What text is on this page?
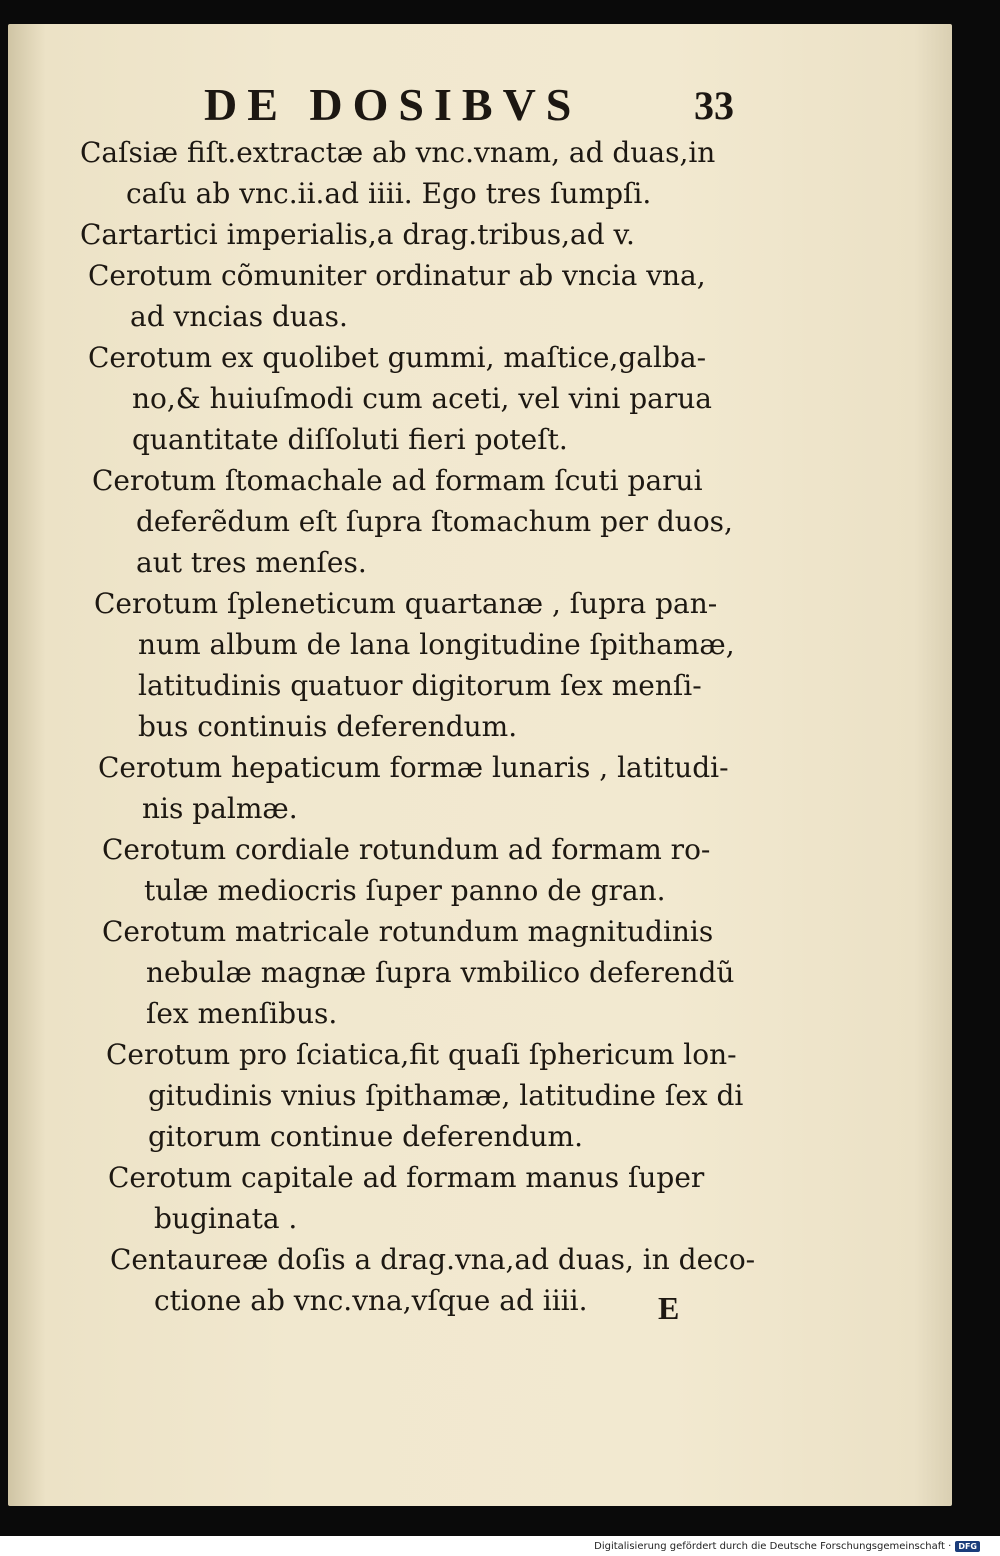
DE DOSIBVS	33
Caſsiæ fiſt.extractæ ab vnc.vnam, ad duas,in
caſu ab vnc.ii.ad iiii. Ego tres ſumpſi.
Cartartici imperialis,a drag.tribus,ad v.
Cerotum cõmuniter ordinatur ab vncia vna,
ad vncias duas.
Cerotum ex quolibet gummi, maſtice,galba-
no,& huiuſmodi cum aceti, vel vini parua
quantitate diſſoluti fieri poteſt.
Cerotum ſtomachale ad formam ſcuti parui
deferẽdum eſt ſupra ſtomachum per duos,
aut tres menſes.
Cerotum ſpleneticum quartanæ , ſupra pan-
num album de lana longitudine ſpithamæ,
latitudinis quatuor digitorum ſex menſi-
bus continuis deferendum.
Cerotum hepaticum formæ lunaris , latitudi-
nis palmæ.
Cerotum cordiale rotundum ad formam ro-
tulæ mediocris ſuper panno de gran.
Cerotum matricale rotundum magnitudinis
nebulæ magnæ ſupra vmbilico deferendũ
ſex menſibus.
Cerotum pro ſciatica,fit quaſi ſphericum lon-
gitudinis vnius ſpithamæ, latitudine ſex di
gitorum continue deferendum.
Cerotum capitale ad formam manus ſuper
buginata .
Centaureæ doſis a drag.vna,ad duas, in deco-
ctione ab vnc.vna,vſque ad iiii.	E
Digitalisierung gefördert durch die Deutsche Forschungsgemeinschaft · DFG
